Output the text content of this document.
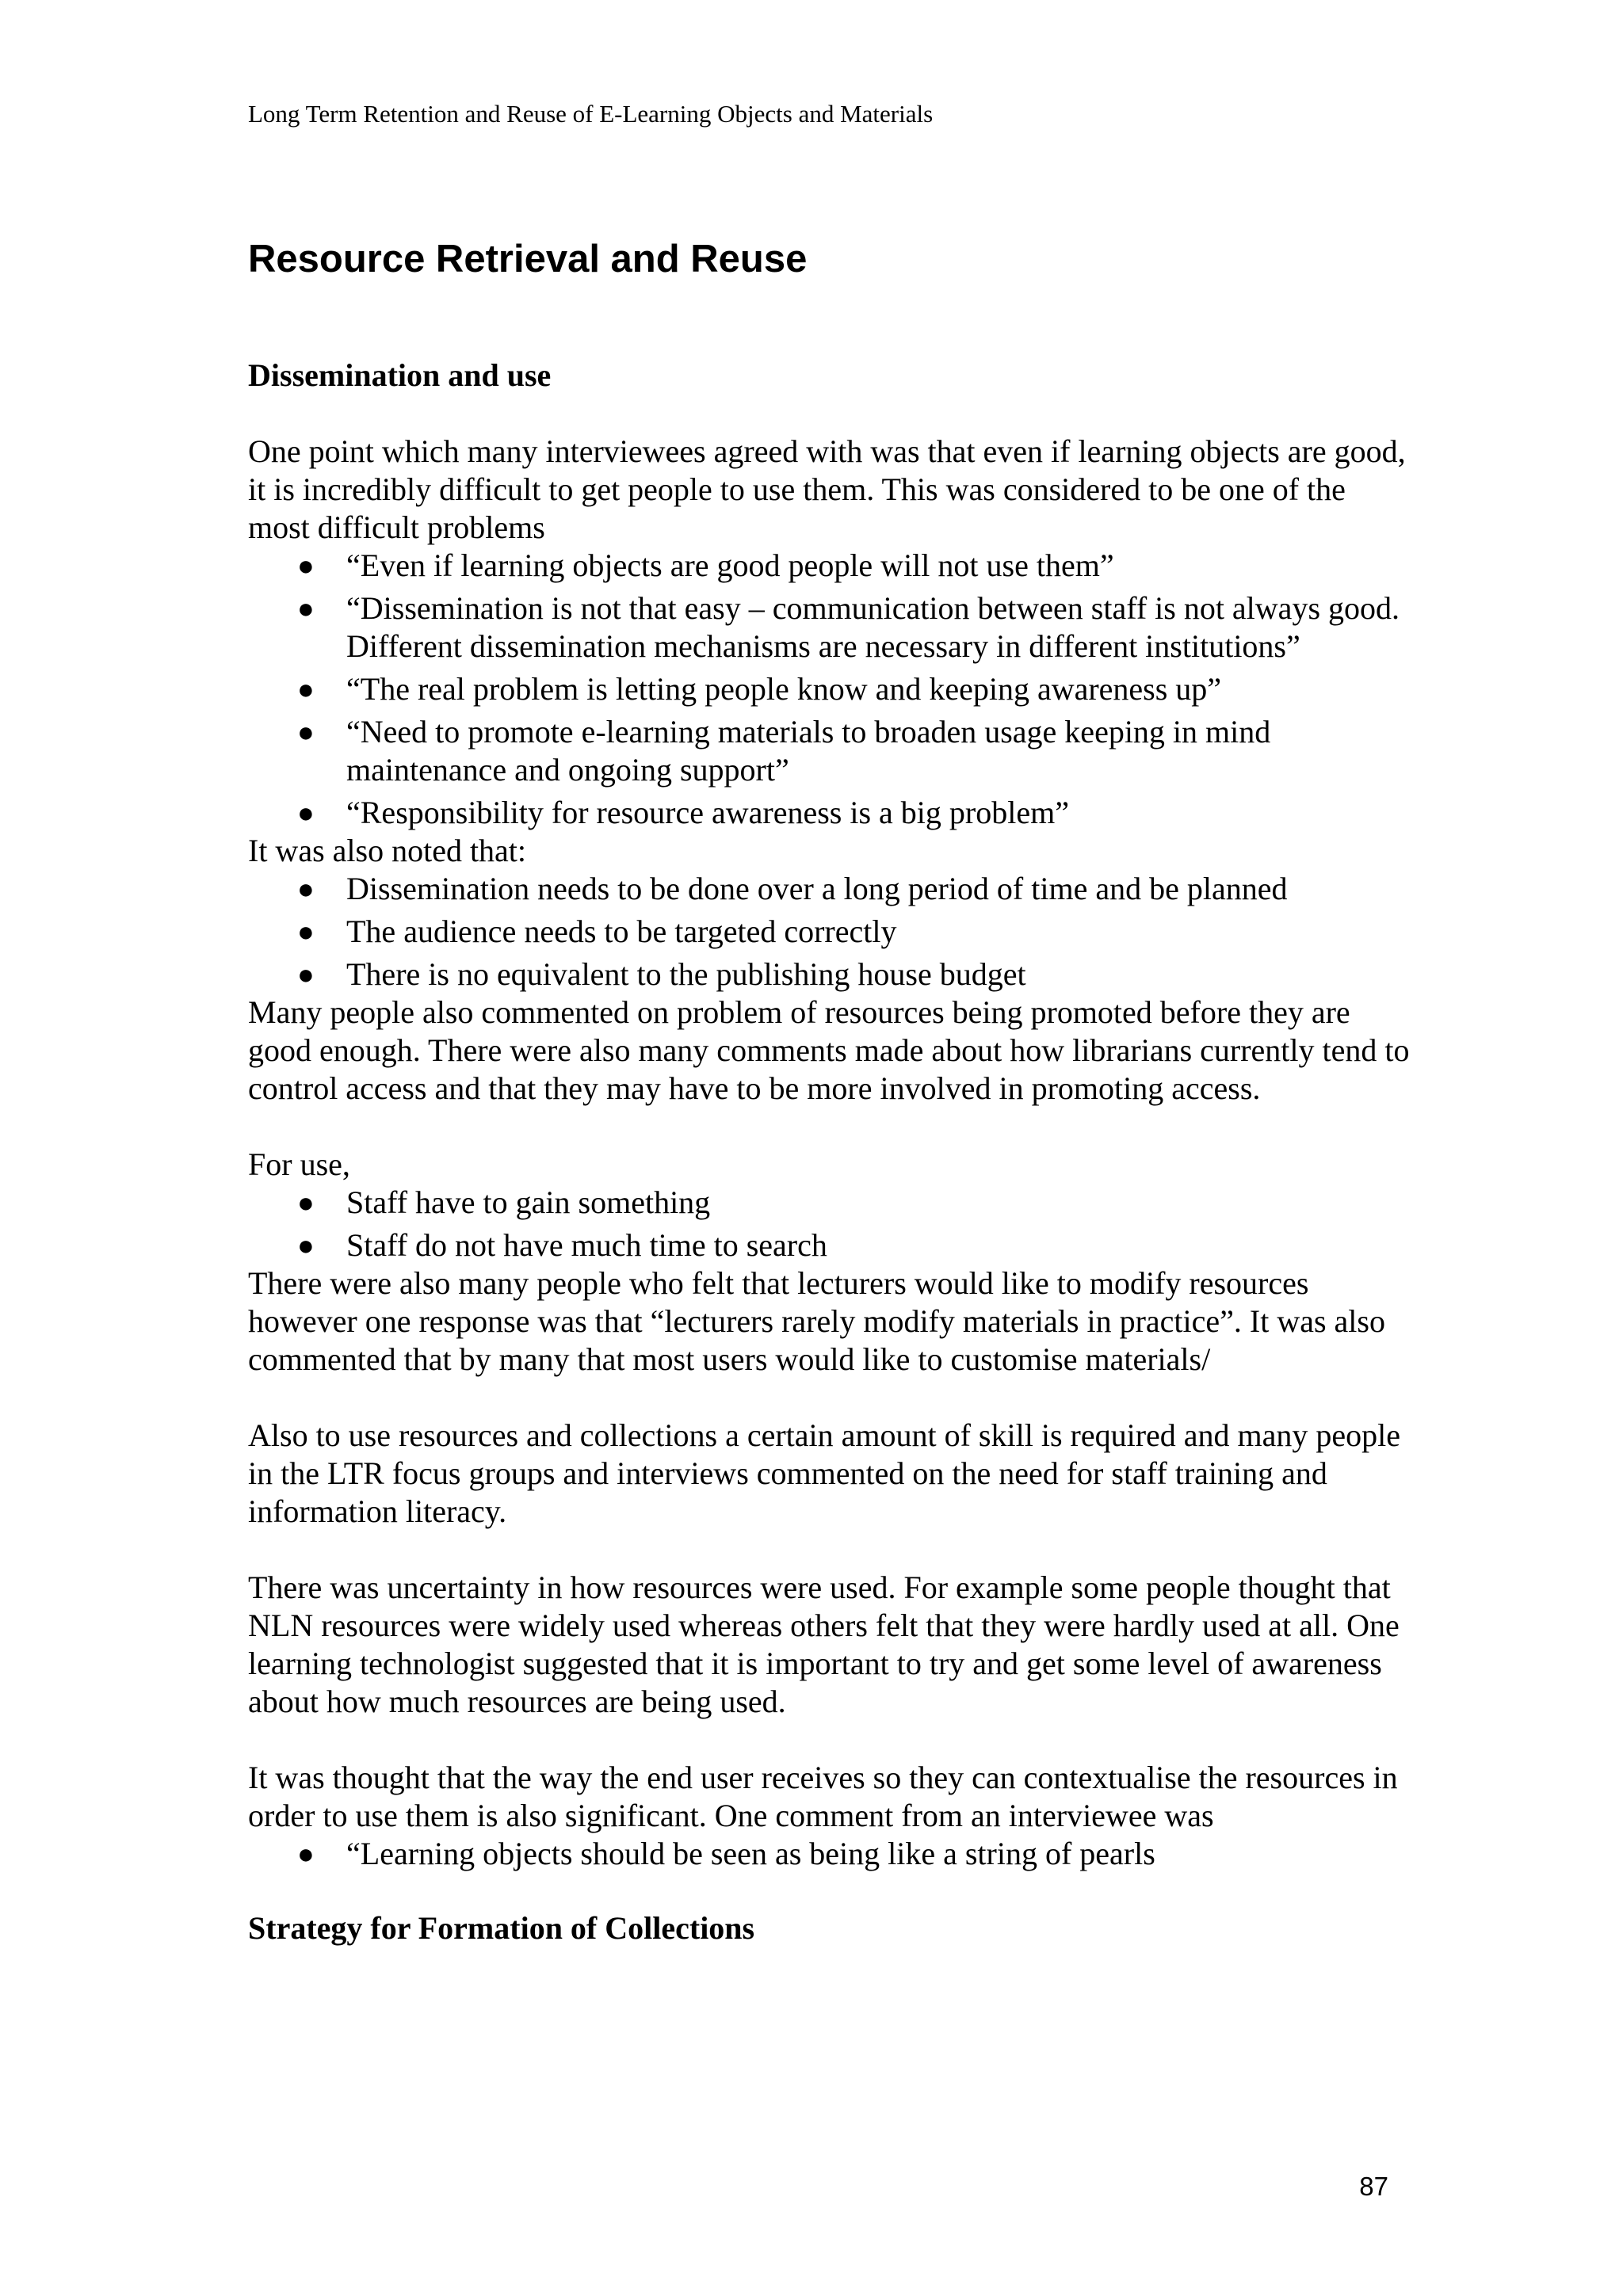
Long Term Retention and Reuse of E-Learning Objects and Materials
Resource Retrieval and Reuse
Dissemination and use

One point which many interviewees agreed with was that even if learning objects are good, it is incredibly difficult to get people to use them. This was considered to be one of the most difficult problems

● “Even if learning objects are good people will not use them”
● “Dissemination is not that easy – communication between staff is not always good. Different dissemination mechanisms are necessary in different institutions”
● “The real problem is letting people know and keeping awareness up”
● “Need to promote e-learning materials to broaden usage keeping in mind maintenance and ongoing support”
● “Responsibility for resource awareness is a big problem”

It was also noted that:

● Dissemination needs to be done over a long period of time and be planned
● The audience needs to be targeted correctly
● There is no equivalent to the publishing house budget

Many people also commented on problem of resources being promoted before they are good enough. There were also many comments made about how librarians currently tend to control access and that they may have to be more involved in promoting access.

For use,

● Staff have to gain something
● Staff do not have much time to search

There were also many people who felt that lecturers would like to modify resources however one response was that “lecturers rarely modify materials in practice”. It was also commented that by many that most users would like to customise materials/

Also to use resources and collections a certain amount of skill is required and many people in the LTR focus groups and interviews commented on the need for staff training and information literacy.

There was uncertainty in how resources were used. For example some people thought that NLN resources were widely used whereas others felt that they were hardly used at all. One learning technologist suggested that it is important to try and get some level of awareness about how much resources are being used.

It was thought that the way the end user receives so they can contextualise the resources in order to use them is also significant. One comment from an interviewee was

● “Learning objects should be seen as being like a string of pearls
Strategy for Formation of Collections
87
